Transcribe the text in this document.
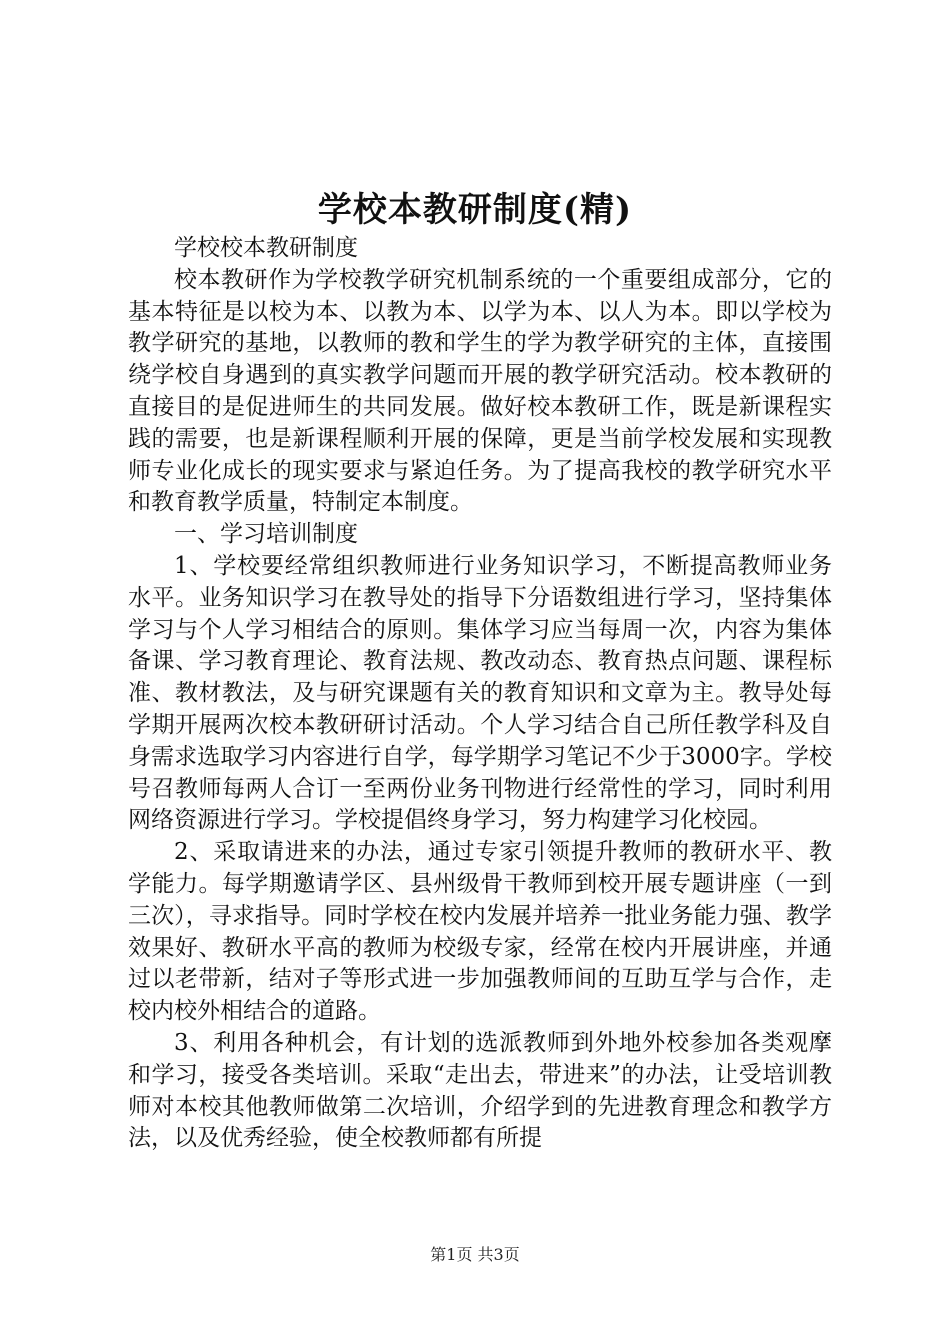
学校本教研制度(精)

学校校本教研制度

校本教研作为学校教学研究机制系统的一个重要组成部分，它的基本特征是以校为本、以教为本、以学为本、以人为本。即以学校为教学研究的基地，以教师的教和学生的学为教学研究的主体，直接围绕学校自身遇到的真实教学问题而开展的教学研究活动。校本教研的直接目的是促进师生的共同发展。做好校本教研工作，既是新课程实践的需要，也是新课程顺利开展的保障，更是当前学校发展和实现教师专业化成长的现实要求与紧迫任务。为了提高我校的教学研究水平和教育教学质量，特制定本制度。

一、学习培训制度

1、学校要经常组织教师进行业务知识学习，不断提高教师业务水平。业务知识学习在教导处的指导下分语数组进行学习，坚持集体学习与个人学习相结合的原则。集体学习应当每周一次，内容为集体备课、学习教育理论、教育法规、教改动态、教育热点问题、课程标准、教材教法，及与研究课题有关的教育知识和文章为主。教导处每学期开展两次校本教研研讨活动。个人学习结合自己所任教学科及自身需求选取学习内容进行自学，每学期学习笔记不少于3000字。学校号召教师每两人合订一至两份业务刊物进行经常性的学习，同时利用网络资源进行学习。学校提倡终身学习，努力构建学习化校园。

2、采取请进来的办法，通过专家引领提升教师的教研水平、教学能力。每学期邀请学区、县州级骨干教师到校开展专题讲座（一到三次），寻求指导。同时学校在校内发展并培养一批业务能力强、教学效果好、教研水平高的教师为校级专家，经常在校内开展讲座，并通过以老带新，结对子等形式进一步加强教师间的互助互学与合作，走校内校外相结合的道路。

3、利用各种机会，有计划的选派教师到外地外校参加各类观摩和学习，接受各类培训。采取“走出去，带进来”的办法，让受培训教师对本校其他教师做第二次培训，介绍学到的先进教育理念和教学方法，以及优秀经验，使全校教师都有所提

第1页 共3页
